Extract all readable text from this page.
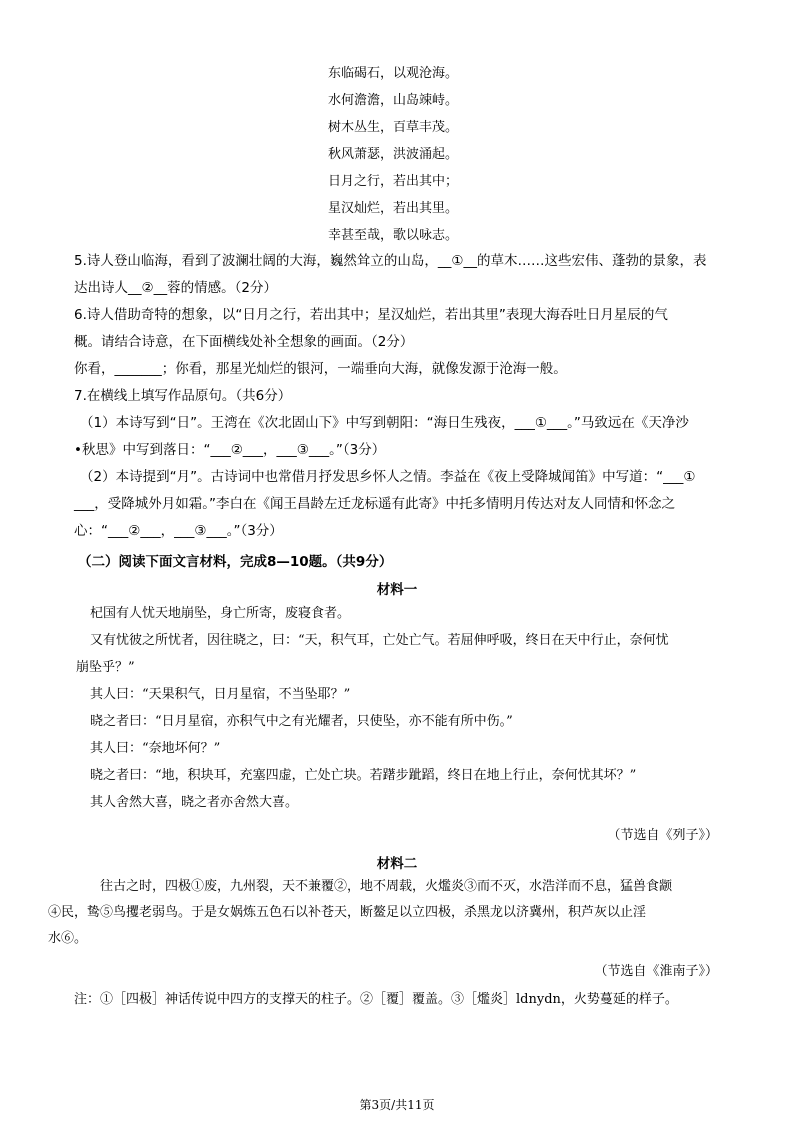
东临碣石，以观沧海。
水何澹澹，山岛竦峙。
树木丛生，百草丰茂。
秋风萧瑟，洪波涌起。
日月之行，若出其中；
星汉灿烂，若出其里。
幸甚至哉，歌以咏志。
5.诗人登山临海，看到了波澜壮阔的大海，巍然耸立的山岛，__①__的草木……这些宏伟、蓬勃的景象，表
达出诗人__②__蓉的情感。（2分）
6.诗人借助奇特的想象，以“日月之行，若出其中；星汉灿烂，若出其里”表现大海吞吐日月星辰的气
概。请结合诗意，在下面横线处补全想象的画面。（2分）
你看，_______；你看，那星光灿烂的银河，一端垂向大海，就像发源于沧海一般。
7.在横线上填写作品原句。（共6分）
（1）本诗写到“日”。王湾在《次北固山下》中写到朝阳：“海日生残夜，___①___。”马致远在《天净沙
•秋思》中写到落日：“___②___，___③___。”（3分）
（2）本诗提到“月”。古诗词中也常借月抒发思乡怀人之情。李益在《夜上受降城闻笛》中写道：“___①
___，受降城外月如霜。”李白在《闻王昌龄左迁龙标遥有此寄》中托多情明月传达对友人同情和怀念之
心：“___②___，___③___。”（3分）
（二）阅读下面文言材料，完成8—10题。（共9分）
材料一

杞国有人忧天地崩坠，身亡所寄，废寝食者。

又有忧彼之所忧者，因往晓之，曰：“天，积气耳，亡处亡气。若屈伸呼吸，终日在天中行止，奈何忧

崩坠乎？”

其人曰：“天果积气，日月星宿，不当坠耶？”

晓之者曰：“日月星宿，亦积气中之有光耀者，只使坠，亦不能有所中伤。”

其人曰：“奈地坏何？”

晓之者曰：“地，积块耳，充塞四虚，亡处亡块。若躇步跐蹈，终日在地上行止，奈何忧其坏？”

其人舍然大喜，晓之者亦舍然大喜。

（节选自《列子》）
材料二
往古之时，四极①废，九州裂，天不兼覆②，地不周载，火爁炎③而不灭，水浩洋而不息，猛兽食颛
④民，鸷⑤鸟攫老弱鸟。于是女娲炼五色石以补苍天，断鳌足以立四极，杀黑龙以济冀州，积芦灰以止淫
水⑥。
（节选自《淮南子》）
注：①［四极］神话传说中四方的支撑天的柱子。②［覆］覆盖。③［爁炎］ldnydn，火势蔓延的样子。
第3页/共11页
